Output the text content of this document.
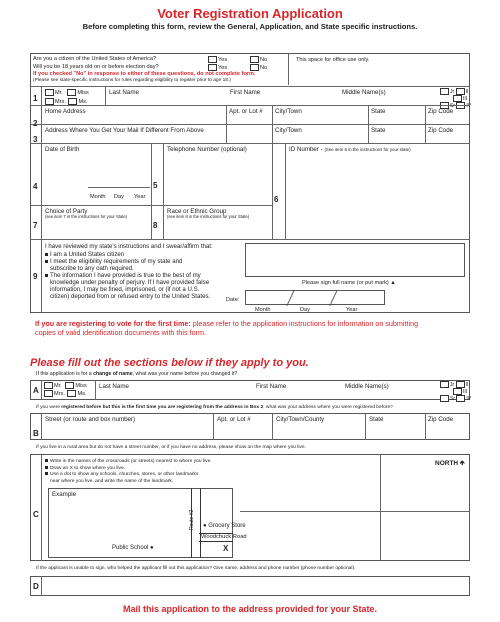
Voter Registration Application
Before completing this form, review the General, Application, and State specific instructions.
Are you a citizen of the United States of America?	Yes	No
Will you be 18 years old on or before election day?	Yes	No
If you checked "No" in response to either of these questions, do not complete form.
(Please see state-specific instructions for rules regarding eligibility to register prior to age 18.)
This space for office use only.
1
Mr.	Miss
Mrs. Ms.
Last Name	First Name	Middle Name(s)	Jr II
III
Sr IV
2
Home Address	Apt. or Lot # City/Town	State	Zip Code
3
Address Where You Get Your Mail If Different From Above	City/Town	State	Zip Code
4
Date of Birth
Month Day Year
5
Telephone Number (optional)
6
ID Number - (See item 6 in the instructions for your state)
7
Choice of Party
(see item 7 in the instructions for your State)
8
Race or Ethnic Group
(see item 8 in the instructions for your State)
9
I have reviewed my state's instructions and I swear/affirm that:
I am a United States citizen
I meet the eligibility requirements of my state and
subscribe to any oath required.
The information I have provided is true to the best of my
knowledge under penalty of perjury. If I have provided false
information, I may be fined, imprisoned, or (if not a U.S.
citizen) deported from or refused entry to the United States.
Please sign full name (or put mark) ▲
Date:
Month	Day	Year
If you are registering to vote for the first time: please refer to the application instructions for information on submitting
copies of valid identification documents with this form.
Please fill out the sections below if they apply to you.
If this application is for a change of name, what was your name before you changed it?
A	Mr. Miss
Mrs. Ms.
Last Name	First Name	Middle Name(s)	Jr II
III
Sr IV
If you were registered before but this is the first time you are registering from the address in Box 2, what was your address where you were registered before?
B
Street (or route and box number)	Apt. or Lot #	City/Town/County	State	Zip Code
If you live in a rural area but do not have a street number, or if you have no address, please show on the map where you live.
C
Write in the names of the crossroads (or streets) nearest to where you live.
Draw an X to show where you live.
Use a dot to show any schools, churches, stores, or other landmarks
near where you live, and write the name of the landmark.
Example
Route #2 ● Grocery Store
Woodchuck Road
Public School ●	X
NORTH 🡹
If the applicant is unable to sign, who helped the applicant fill out this application? Give name, address and phone number (phone number optional).
D
Mail this application to the address provided for your State.
